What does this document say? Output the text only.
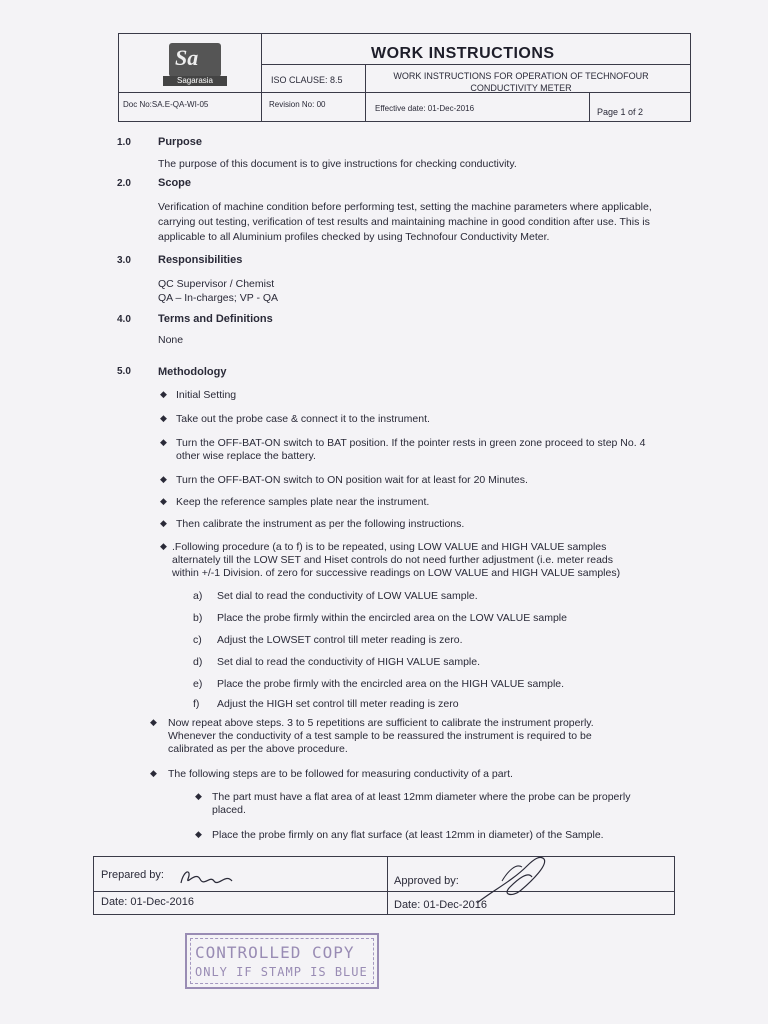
Sa
Sagarasia
WORK INSTRUCTIONS
ISO CLAUSE: 8.5	WORK INSTRUCTIONS FOR OPERATION OF TECHNOFOUR
CONDUCTIVITY METER
Doc No:SA.E-QA-WI-05	Revision No: 00	Effective date: 01-Dec-2016	Page 1 of 2
1.0 Purpose
The purpose of this document is to give instructions for checking conductivity.
2.0 Scope
Verification of machine condition before performing test, setting the machine parameters where applicable,
carrying out testing, verification of test results and maintaining machine in good condition after use. This is
applicable to all Aluminium profiles checked by using Technofour Conductivity Meter.
3.0 Responsibilities
QC Supervisor / Chemist
QA – In-charges; VP - QA
4.0 Terms and Definitions
None
5.0 Methodology
◆ Initial Setting
◆ Take out the probe case & connect it to the instrument.
◆ Turn the OFF-BAT-ON switch to BAT position. If the pointer rests in green zone proceed to step No. 4
other wise replace the battery.
◆ Turn the OFF-BAT-ON switch to ON position wait for at least for 20 Minutes.
◆ Keep the reference samples plate near the instrument.
◆ Then calibrate the instrument as per the following instructions.
◆ .Following procedure (a to f) is to be repeated, using LOW VALUE and HIGH VALUE samples
alternately till the LOW SET and Hiset controls do not need further adjustment (i.e. meter reads
within +/-1 Division. of zero for successive readings on LOW VALUE and HIGH VALUE samples)
a) Set dial to read the conductivity of LOW VALUE sample.
b) Place the probe firmly within the encircled area on the LOW VALUE sample
c) Adjust the LOWSET control till meter reading is zero.
d) Set dial to read the conductivity of HIGH VALUE sample.
e) Place the probe firmly with the encircled area on the HIGH VALUE sample.
f) Adjust the HIGH set control till meter reading is zero
◆ Now repeat above steps. 3 to 5 repetitions are sufficient to calibrate the instrument properly.
Whenever the conductivity of a test sample to be reassured the instrument is required to be
calibrated as per the above procedure.
◆ The following steps are to be followed for measuring conductivity of a part.
◆ The part must have a flat area of at least 12mm diameter where the probe can be properly
placed.
◆ Place the probe firmly on any flat surface (at least 12mm in diameter) of the Sample.
Prepared by:	Approved by:
Date: 01-Dec-2016	Date: 01-Dec-2016
CONTROLLED COPY
ONLY IF STAMP IS BLUE
